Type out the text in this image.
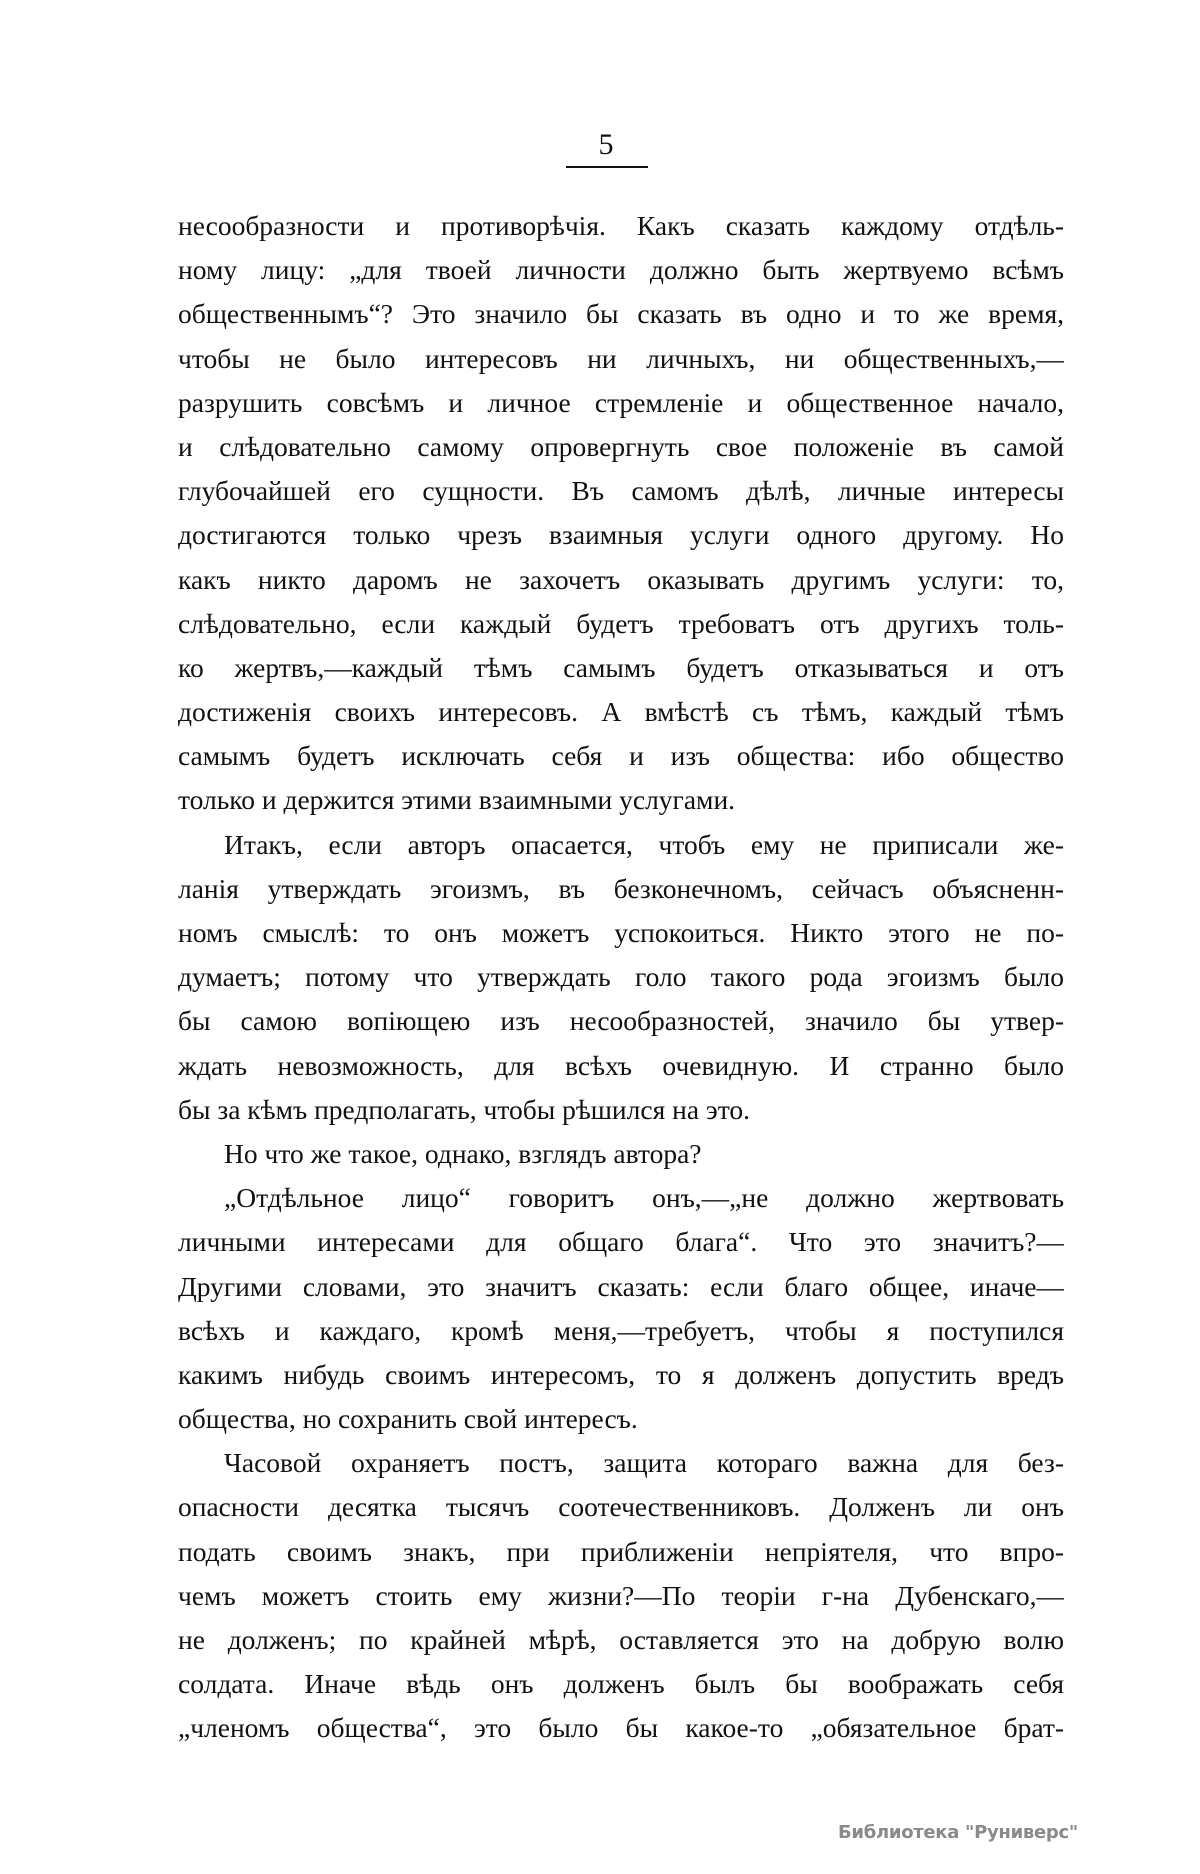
5
несообразности и противорѣчія. Какъ сказать каждому отдѣль-
ному лицу: „для твоей личности должно быть жертвуемо всѣмъ
общественнымъ“? Это значило бы сказать въ одно и то же время,
чтобы не было интересовъ ни личныхъ, ни общественныхъ,—
разрушить совсѣмъ и личное стремленіе и общественное начало,
и слѣдовательно самому опровергнуть свое положеніе въ самой
глубочайшей его сущности. Въ самомъ дѣлѣ, личные интересы
достигаются только чрезъ взаимныя услуги одного другому. Но
какъ никто даромъ не захочетъ оказывать другимъ услуги: то,
слѣдовательно, если каждый будетъ требоватъ отъ другихъ толь-
ко жертвъ,—каждый тѣмъ самымъ будетъ отказываться и отъ
достиженія своихъ интересовъ. А вмѣстѣ съ тѣмъ, каждый тѣмъ
самымъ будетъ исключать себя и изъ общества: ибо общество
только и держится этими взаимными услугами.
Итакъ, если авторъ опасается, чтобъ ему не приписали же-
ланія утверждать эгоизмъ, въ безконечномъ, сейчасъ объясненн-
номъ смыслѣ: то онъ можетъ успокоиться. Никто этого не по-
думаетъ; потому что утверждать голо такого рода эгоизмъ было
бы самою вопіющею изъ несообразностей, значило бы утвер-
ждать невозможность, для всѣхъ очевидную. И странно было
бы за кѣмъ предполагать, чтобы рѣшился на это.
Но что же такое, однако, взглядъ автора?
„Отдѣльное лицо“ говоритъ онъ,—„не должно жертвовать
личными интересами для общаго блага“. Что это значитъ?—
Другими словами, это значитъ сказать: если благо общее, иначе—
всѣхъ и каждаго, кромѣ меня,—требуетъ, чтобы я поступился
какимъ нибудь своимъ интересомъ, то я долженъ допустить вредъ
общества, но сохранить свой интересъ.
Часовой охраняетъ постъ, защита котораго важна для без-
опасности десятка тысячъ соотечественниковъ. Долженъ ли онъ
подать своимъ знакъ, при приближеніи непріятеля, что впро-
чемъ можетъ стоить ему жизни?—По теоріи г-на Дубенскаго,—
не долженъ; по крайней мѣрѣ, оставляется это на добрую волю
солдата. Иначе вѣдь онъ долженъ былъ бы воображать себя
„членомъ общества“, это было бы какое-то „обязательное брат-
Библиотека "Руниверс"
